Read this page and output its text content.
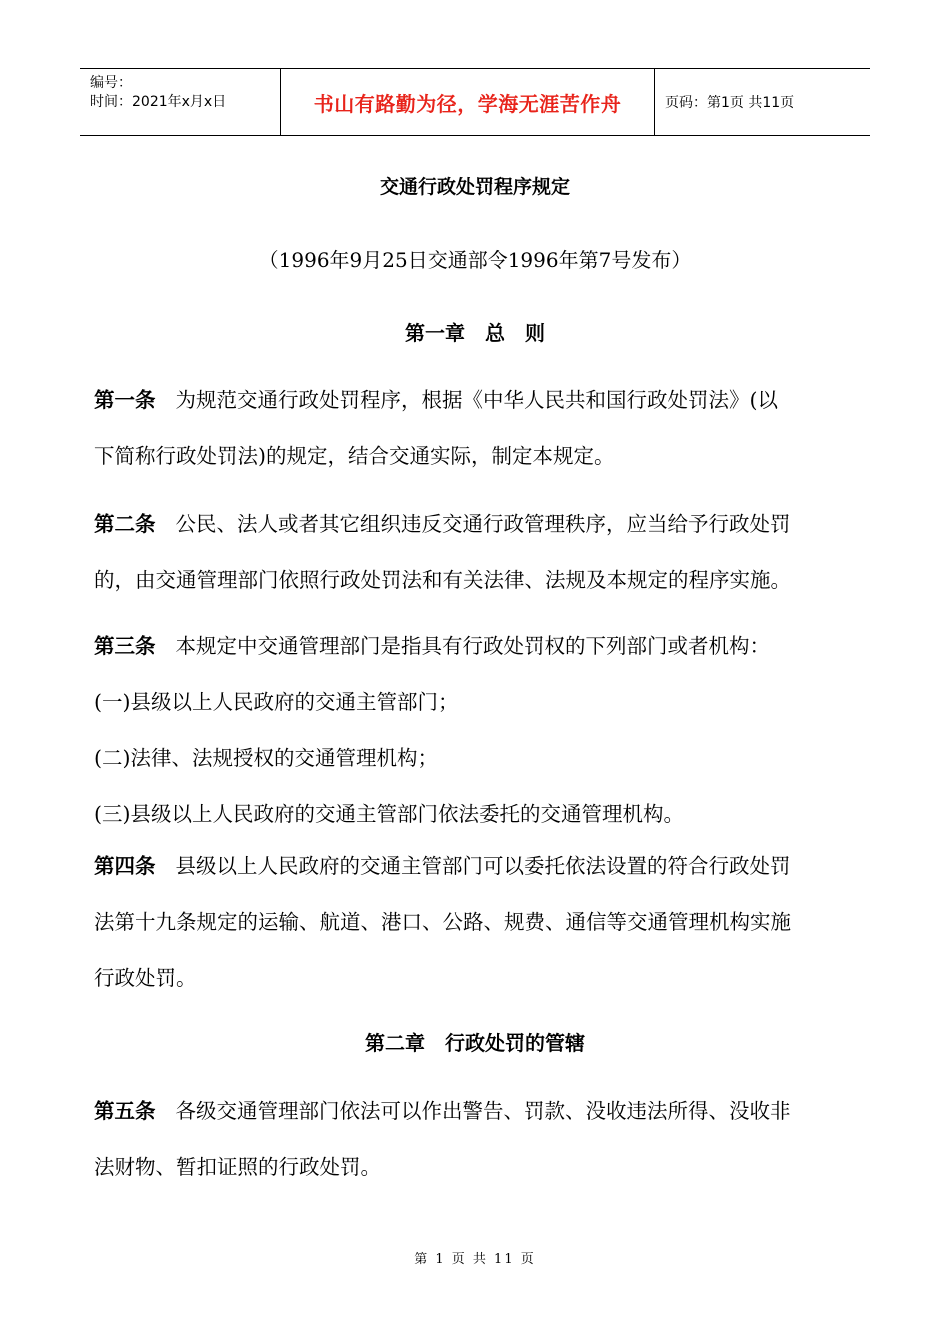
编号：
时间：2021年x月x日	书山有路勤为径，学海无涯苦作舟	页码：第1页 共11页
交通行政处罚程序规定
（1996年9月25日交通部令1996年第7号发布）
第一章　总　则
第一条 为规范交通行政处罚程序，根据《中华人民共和国行政处罚法》(以
下简称行政处罚法)的规定，结合交通实际，制定本规定。
第二条 公民、法人或者其它组织违反交通行政管理秩序，应当给予行政处罚
的，由交通管理部门依照行政处罚法和有关法律、法规及本规定的程序实施。
第三条 本规定中交通管理部门是指具有行政处罚权的下列部门或者机构：
(一)县级以上人民政府的交通主管部门；
(二)法律、法规授权的交通管理机构；
(三)县级以上人民政府的交通主管部门依法委托的交通管理机构。
第四条 县级以上人民政府的交通主管部门可以委托依法设置的符合行政处罚
法第十九条规定的运输、航道、港口、公路、规费、通信等交通管理机构实施
行政处罚。
第二章　行政处罚的管辖
第五条 各级交通管理部门依法可以作出警告、罚款、没收违法所得、没收非
法财物、暂扣证照的行政处罚。
第 1 页 共 11 页
